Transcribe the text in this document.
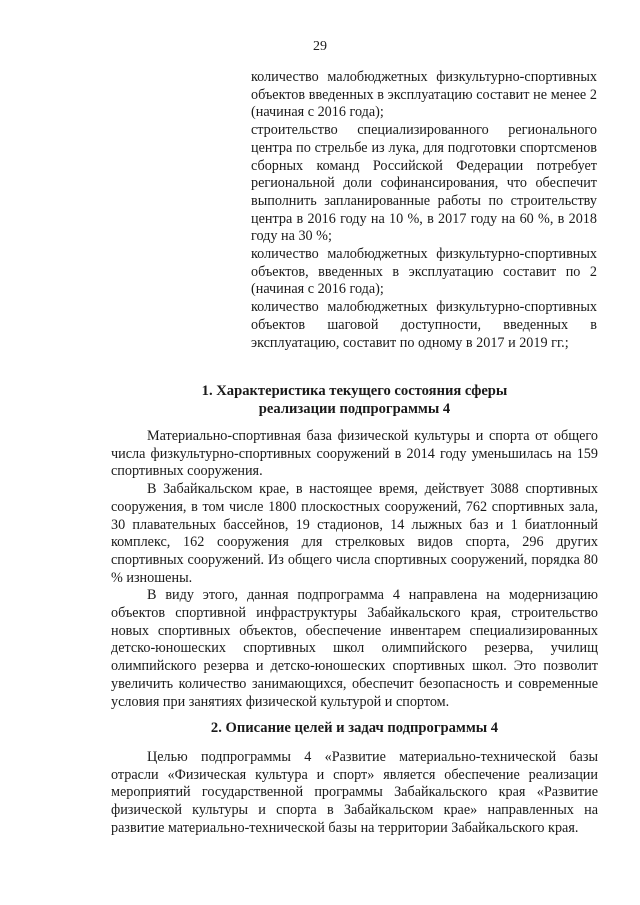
29

количество малобюджетных физкультурно-спортивных объектов введенных в эксплуатацию составит не менее 2 (начиная с 2016 года);

строительство специализированного регионального центра по стрельбе из лука, для подготовки спортсменов сборных команд Российской Федерации потребует региональной доли софинансирования, что обеспечит выполнить запланированные работы по строительству центра в 2016 году на 10 %, в 2017 году на 60 %, в 2018 году на 30 %;

количество малобюджетных физкультурно-спортивных объектов, введенных в эксплуатацию составит по 2 (начиная с 2016 года);

количество малобюджетных физкультурно-спортивных объектов шаговой доступности, введенных в эксплуатацию, составит по одному в 2017 и 2019 гг.;

1. Характеристика текущего состояния сферы
реализации подпрограммы 4

Материально-спортивная база физической культуры и спорта от общего числа физкультурно-спортивных сооружений в 2014 году уменьшилась на 159 спортивных сооружения.

В Забайкальском крае, в настоящее время, действует 3088 спортивных сооружения, в том числе 1800 плоскостных сооружений, 762 спортивных зала, 30 плавательных бассейнов, 19 стадионов, 14 лыжных баз и 1 биатлонный комплекс, 162 сооружения для стрелковых видов спорта, 296 других спортивных сооружений. Из общего числа спортивных сооружений, порядка 80 % изношены.

В виду этого, данная подпрограмма 4 направлена на модернизацию объектов спортивной инфраструктуры Забайкальского края, строительство новых спортивных объектов, обеспечение инвентарем специализированных детско-юношеских спортивных школ олимпийского резерва, училищ олимпийского резерва и детско-юношеских спортивных школ. Это позволит увеличить количество занимающихся, обеспечит безопасность и современные условия при занятиях физической культурой и спортом.

2. Описание целей и задач подпрограммы 4

Целью подпрограммы 4 «Развитие материально-технической базы отрасли «Физическая культура и спорт» является обеспечение реализации мероприятий государственной программы Забайкальского края «Развитие физической культуры и спорта в Забайкальском крае» направленных на развитие материально-технической базы на территории Забайкальского края.
